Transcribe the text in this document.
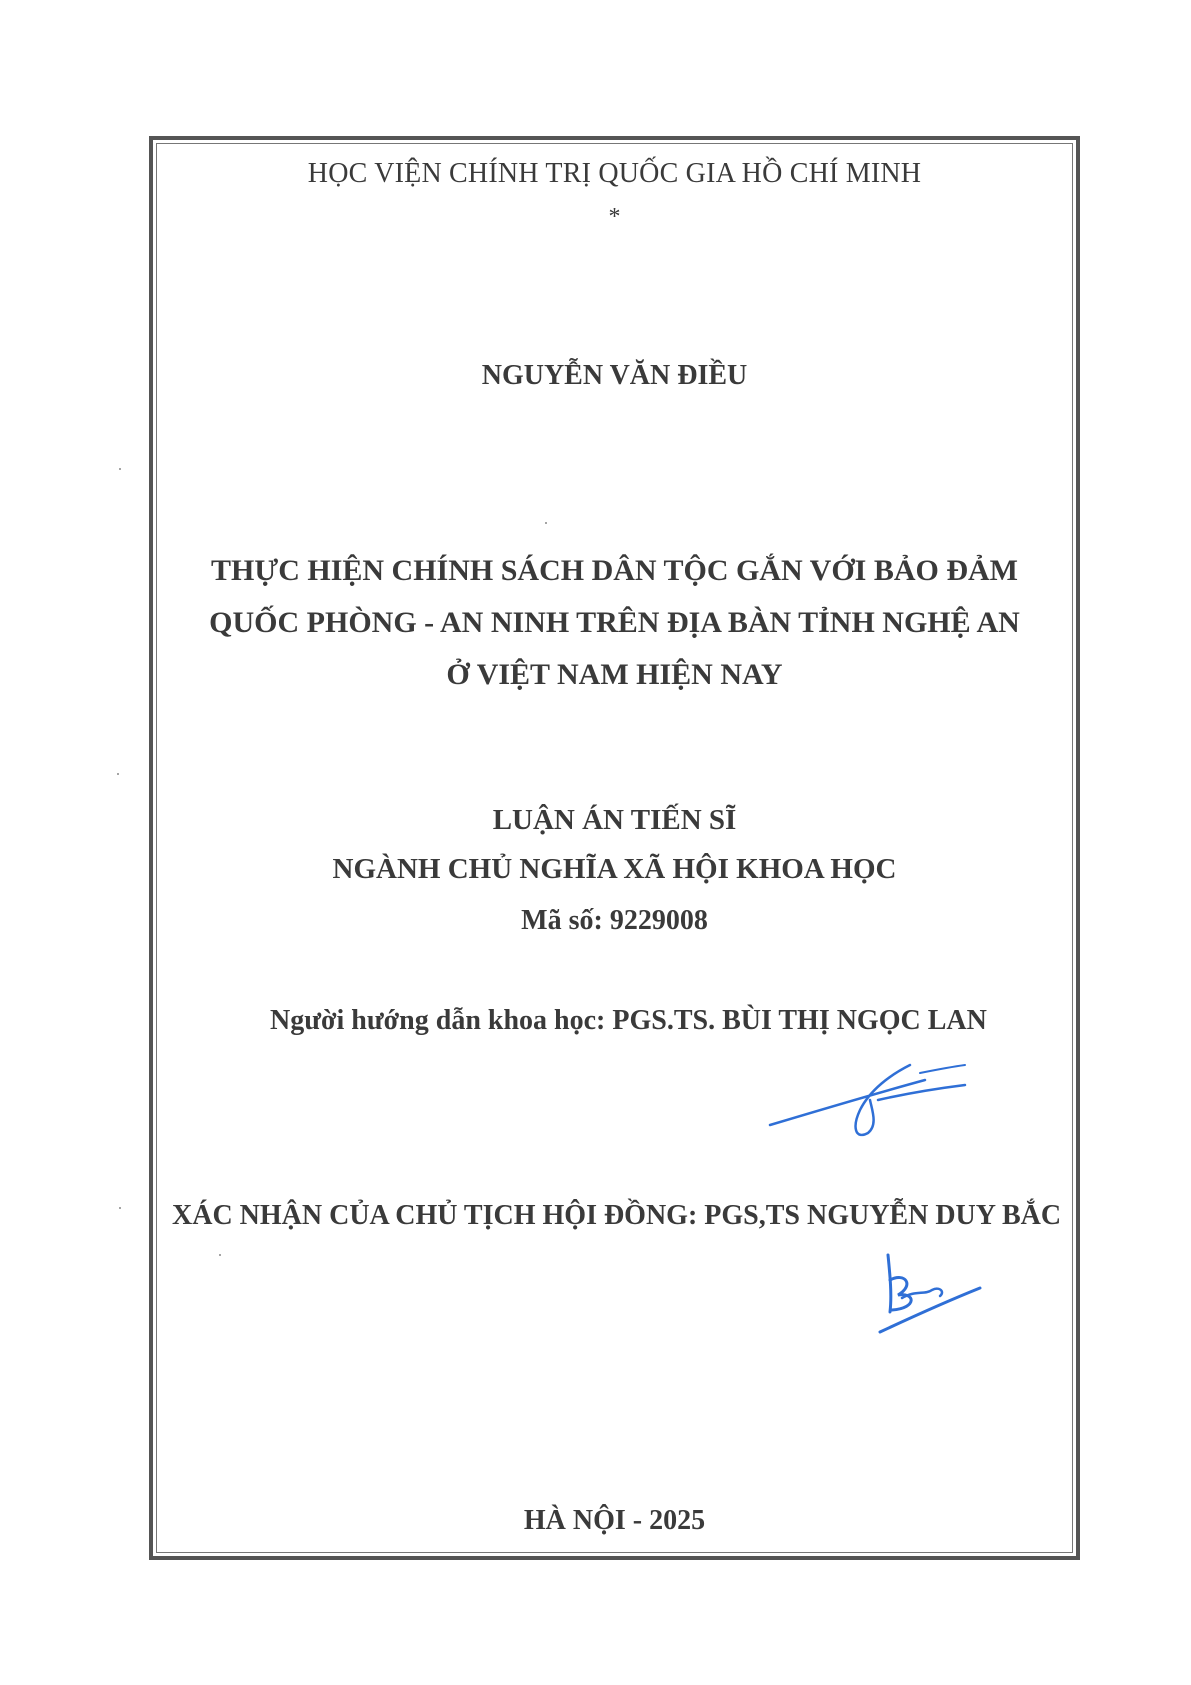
HỌC VIỆN CHÍNH TRỊ QUỐC GIA HỒ CHÍ MINH
*
NGUYỄN VĂN ĐIỀU
THỰC HIỆN CHÍNH SÁCH DÂN TỘC GẮN VỚI BẢO ĐẢM
QUỐC PHÒNG - AN NINH TRÊN ĐỊA BÀN TỈNH NGHỆ AN
Ở VIỆT NAM HIỆN NAY
LUẬN ÁN TIẾN SĨ
NGÀNH CHỦ NGHĨA XÃ HỘI KHOA HỌC
Mã số: 9229008
Người hướng dẫn khoa học: PGS.TS. BÙI THỊ NGỌC LAN
XÁC NHẬN CỦA CHỦ TỊCH HỘI ĐỒNG: PGS,TS NGUYỄN DUY BẮC
HÀ NỘI - 2025
